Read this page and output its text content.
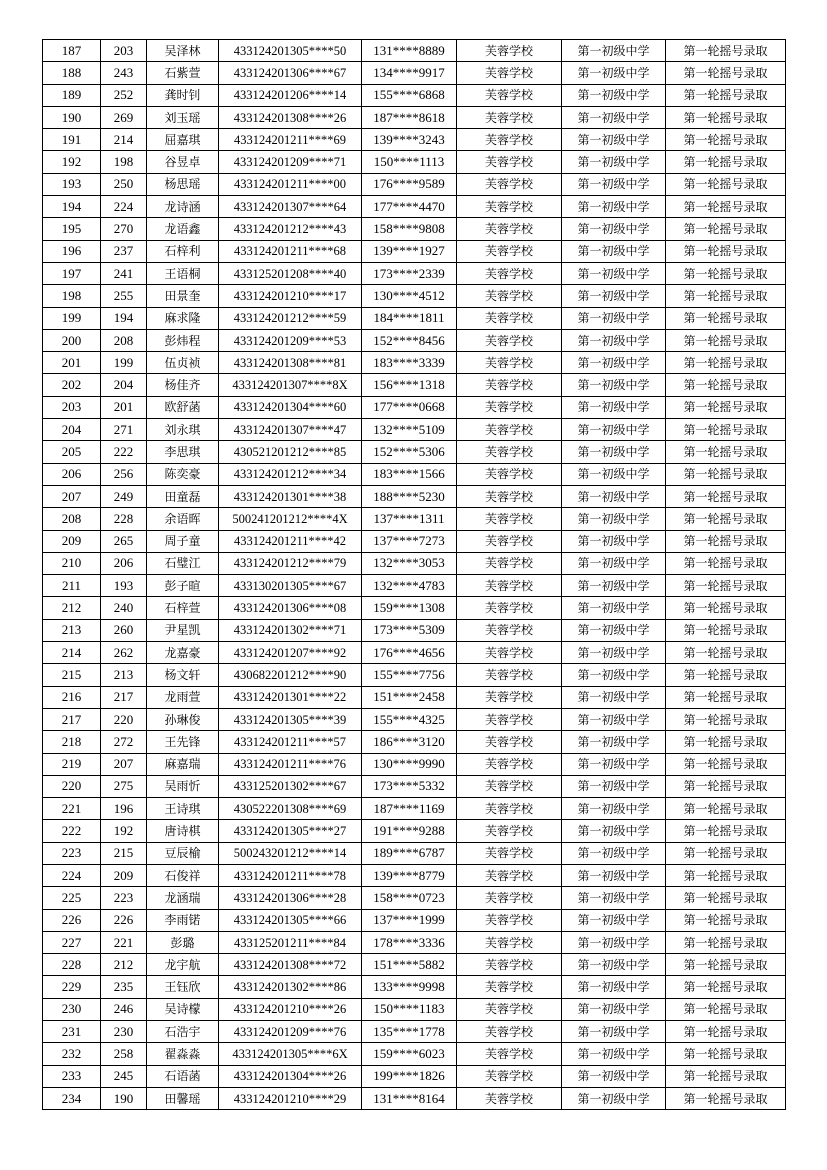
187	203	吴泽林	433124201305****50	131****8889	芙蓉学校	第一初级中学	第一轮摇号录取
188	243	石紫萱	433124201306****67	134****9917	芙蓉学校	第一初级中学	第一轮摇号录取
189	252	龚时钊	433124201206****14	155****6868	芙蓉学校	第一初级中学	第一轮摇号录取
190	269	刘玉瑶	433124201308****26	187****8618	芙蓉学校	第一初级中学	第一轮摇号录取
191	214	屈嘉琪	433124201211****69	139****3243	芙蓉学校	第一初级中学	第一轮摇号录取
192	198	谷昱卓	433124201209****71	150****1113	芙蓉学校	第一初级中学	第一轮摇号录取
193	250	杨思瑶	433124201211****00	176****9589	芙蓉学校	第一初级中学	第一轮摇号录取
194	224	龙诗涵	433124201307****64	177****4470	芙蓉学校	第一初级中学	第一轮摇号录取
195	270	龙语鑫	433124201212****43	158****9808	芙蓉学校	第一初级中学	第一轮摇号录取
196	237	石梓利	433124201211****68	139****1927	芙蓉学校	第一初级中学	第一轮摇号录取
197	241	王语桐	433125201208****40	173****2339	芙蓉学校	第一初级中学	第一轮摇号录取
198	255	田景奎	433124201210****17	130****4512	芙蓉学校	第一初级中学	第一轮摇号录取
199	194	麻求隆	433124201212****59	184****1811	芙蓉学校	第一初级中学	第一轮摇号录取
200	208	彭炜程	433124201209****53	152****8456	芙蓉学校	第一初级中学	第一轮摇号录取
201	199	伍贞祯	433124201308****81	183****3339	芙蓉学校	第一初级中学	第一轮摇号录取
202	204	杨佳齐	433124201307****8X	156****1318	芙蓉学校	第一初级中学	第一轮摇号录取
203	201	欧舒菡	433124201304****60	177****0668	芙蓉学校	第一初级中学	第一轮摇号录取
204	271	刘永琪	433124201307****47	132****5109	芙蓉学校	第一初级中学	第一轮摇号录取
205	222	李思琪	430521201212****85	152****5306	芙蓉学校	第一初级中学	第一轮摇号录取
206	256	陈奕豪	433124201212****34	183****1566	芙蓉学校	第一初级中学	第一轮摇号录取
207	249	田童磊	433124201301****38	188****5230	芙蓉学校	第一初级中学	第一轮摇号录取
208	228	余语晖	500241201212****4X	137****1311	芙蓉学校	第一初级中学	第一轮摇号录取
209	265	周子童	433124201211****42	137****7273	芙蓉学校	第一初级中学	第一轮摇号录取
210	206	石璧江	433124201212****79	132****3053	芙蓉学校	第一初级中学	第一轮摇号录取
211	193	彭子暄	433130201305****67	132****4783	芙蓉学校	第一初级中学	第一轮摇号录取
212	240	石梓萱	433124201306****08	159****1308	芙蓉学校	第一初级中学	第一轮摇号录取
213	260	尹星凯	433124201302****71	173****5309	芙蓉学校	第一初级中学	第一轮摇号录取
214	262	龙嘉豪	433124201207****92	176****4656	芙蓉学校	第一初级中学	第一轮摇号录取
215	213	杨文轩	430682201212****90	155****7756	芙蓉学校	第一初级中学	第一轮摇号录取
216	217	龙雨萱	433124201301****22	151****2458	芙蓉学校	第一初级中学	第一轮摇号录取
217	220	孙琳俊	433124201305****39	155****4325	芙蓉学校	第一初级中学	第一轮摇号录取
218	272	王先锋	433124201211****57	186****3120	芙蓉学校	第一初级中学	第一轮摇号录取
219	207	麻嘉瑞	433124201211****76	130****9990	芙蓉学校	第一初级中学	第一轮摇号录取
220	275	吴雨忻	433125201302****67	173****5332	芙蓉学校	第一初级中学	第一轮摇号录取
221	196	王诗琪	430522201308****69	187****1169	芙蓉学校	第一初级中学	第一轮摇号录取
222	192	唐诗棋	433124201305****27	191****9288	芙蓉学校	第一初级中学	第一轮摇号录取
223	215	豆辰榆	500243201212****14	189****6787	芙蓉学校	第一初级中学	第一轮摇号录取
224	209	石俊祥	433124201211****78	139****8779	芙蓉学校	第一初级中学	第一轮摇号录取
225	223	龙涵瑞	433124201306****28	158****0723	芙蓉学校	第一初级中学	第一轮摇号录取
226	226	李雨锘	433124201305****66	137****1999	芙蓉学校	第一初级中学	第一轮摇号录取
227	221	彭璐	433125201211****84	178****3336	芙蓉学校	第一初级中学	第一轮摇号录取
228	212	龙宇航	433124201308****72	151****5882	芙蓉学校	第一初级中学	第一轮摇号录取
229	235	王钰欣	433124201302****86	133****9998	芙蓉学校	第一初级中学	第一轮摇号录取
230	246	吴诗檬	433124201210****26	150****1183	芙蓉学校	第一初级中学	第一轮摇号录取
231	230	石浩宇	433124201209****76	135****1778	芙蓉学校	第一初级中学	第一轮摇号录取
232	258	翟淼淼	433124201305****6X	159****6023	芙蓉学校	第一初级中学	第一轮摇号录取
233	245	石语菡	433124201304****26	199****1826	芙蓉学校	第一初级中学	第一轮摇号录取
234	190	田馨瑶	433124201210****29	131****8164	芙蓉学校	第一初级中学	第一轮摇号录取
